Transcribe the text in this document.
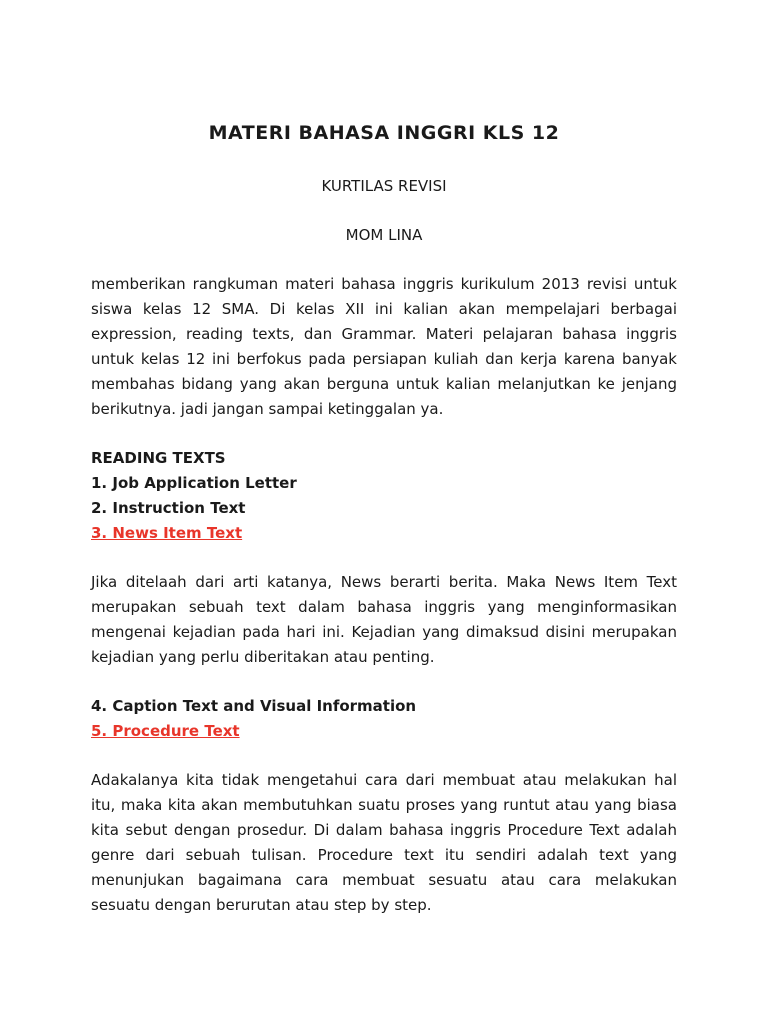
MATERI BAHASA INGGRI KLS 12

KURTILAS REVISI

MOM LINA

memberikan rangkuman materi bahasa inggris kurikulum 2013 revisi untuk siswa kelas 12 SMA. Di kelas XII ini kalian akan mempelajari berbagai expression, reading texts, dan Grammar. Materi pelajaran bahasa inggris untuk kelas 12 ini berfokus pada persiapan kuliah dan kerja karena banyak membahas bidang yang akan berguna untuk kalian melanjutkan ke jenjang berikutnya. jadi jangan sampai ketinggalan ya.

READING TEXTS
1. Job Application Letter
2. Instruction Text
3. News Item Text

Jika ditelaah dari arti katanya, News berarti berita. Maka News Item Text merupakan sebuah text dalam bahasa inggris yang menginformasikan mengenai kejadian pada hari ini. Kejadian yang dimaksud disini merupakan kejadian yang perlu diberitakan atau penting.

4. Caption Text and Visual Information
5. Procedure Text

Adakalanya kita tidak mengetahui cara dari membuat atau melakukan hal itu, maka kita akan membutuhkan suatu proses yang runtut atau yang biasa kita sebut dengan prosedur. Di dalam bahasa inggris Procedure Text adalah genre dari sebuah tulisan. Procedure text itu sendiri adalah text yang menunjukan bagaimana cara membuat sesuatu atau cara melakukan sesuatu dengan berurutan atau step by step.
